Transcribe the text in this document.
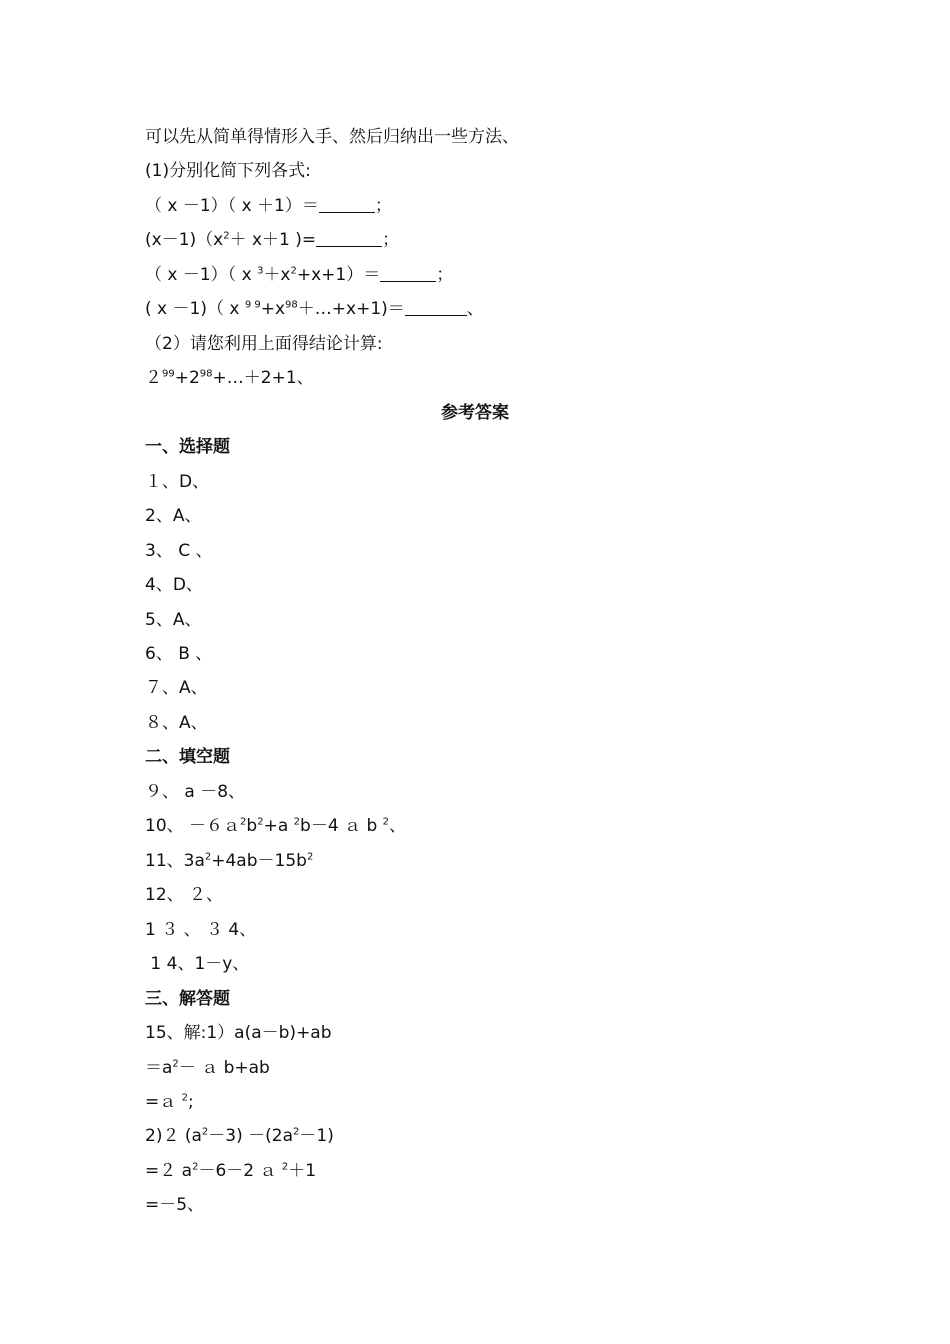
可以先从简单得情形入手、然后归纳出一些方法、
(1)分别化简下列各式:
（ x －1）（ x ＋1）＝	；
$(x-1)(x^2+ x+1$ )=	；
（ x －1）（ x $^3+x^2+x+1)=$	；
( x －1)（ x $^{9 9}+x^{98}+\dots+x+1)=$	、
（2）请您利用上面得结论计算:
$2^{99}+2^{98}+\dots+2+1$、
参考答案
一、选择题
１、D、
2、A、
3、 C 、
4、D、
5、A、
6、 B 、
７、A、
８、A、
二、填空题
９、 a －8、
10、 $-6a^2b^2+a$ $^2$b－4 ａ b $^2$、
11、$3a^2+4ab-15b^2$
12、 ２、
1 ３ 、 ３ 4、
1 4、1－y、
三、解答题
15、解:1）a(a－b)+ab
$=a^2-$ ａ b+ab
=ａ $^2$;
2)２ $(a^2-3) -(2a^2-1)$
=２ $a^2-6-2$ ａ $^2$＋1
=－5、
